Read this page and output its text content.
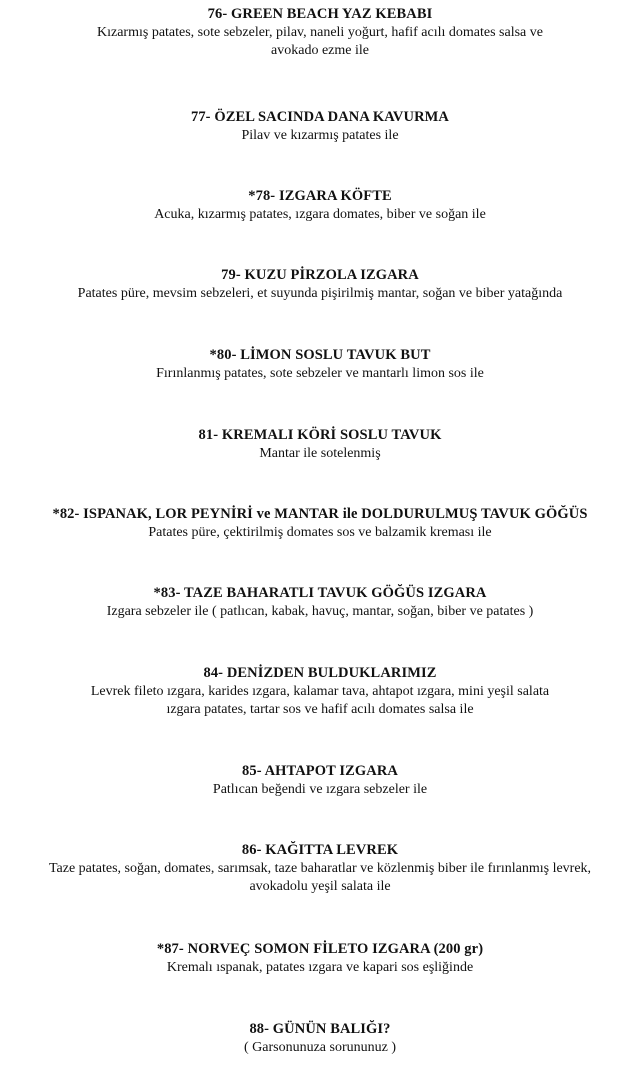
76- GREEN BEACH YAZ KEBABI
Kızarmış patates, sote sebzeler, pilav, naneli yoğurt, hafif acılı domates salsa ve
avokado ezme ile
77- ÖZEL SACINDA DANA KAVURMA
Pilav ve kızarmış patates ile
*78- IZGARA KÖFTE
Acuka, kızarmış patates, ızgara domates, biber ve soğan ile
79- KUZU PİRZOLA IZGARA
Patates püre, mevsim sebzeleri, et suyunda pişirilmiş mantar, soğan ve biber yatağında
*80- LİMON SOSLU TAVUK BUT
Fırınlanmış patates, sote sebzeler ve mantarlı limon sos ile
81- KREMALI KÖRİ SOSLU TAVUK
Mantar ile sotelenmiş
*82- ISPANAK, LOR PEYNİRİ ve MANTAR ile DOLDURULMUŞ TAVUK GÖĞÜS
Patates püre, çektirilmiş domates sos ve balzamik kreması ile
*83- TAZE BAHARATLI TAVUK GÖĞÜS IZGARA
Izgara sebzeler ile ( patlıcan, kabak, havuç, mantar, soğan, biber ve patates )
84- DENİZDEN BULDUKLARIMIZ
Levrek fileto ızgara, karides ızgara, kalamar tava, ahtapot ızgara, mini yeşil salata
ızgara patates, tartar sos ve hafif acılı domates salsa ile
85- AHTAPOT IZGARA
Patlıcan beğendi ve ızgara sebzeler ile
86- KAĞITTA LEVREK
Taze patates, soğan, domates, sarımsak, taze baharatlar ve közlenmiş biber ile fırınlanmış levrek,
avokadolu yeşil salata ile
*87- NORVEÇ SOMON FİLETO IZGARA (200 gr)
Kremalı ıspanak, patates ızgara ve kapari sos eşliğinde
88- GÜNÜN BALIĞI?
( Garsonunuza sorununuz )
